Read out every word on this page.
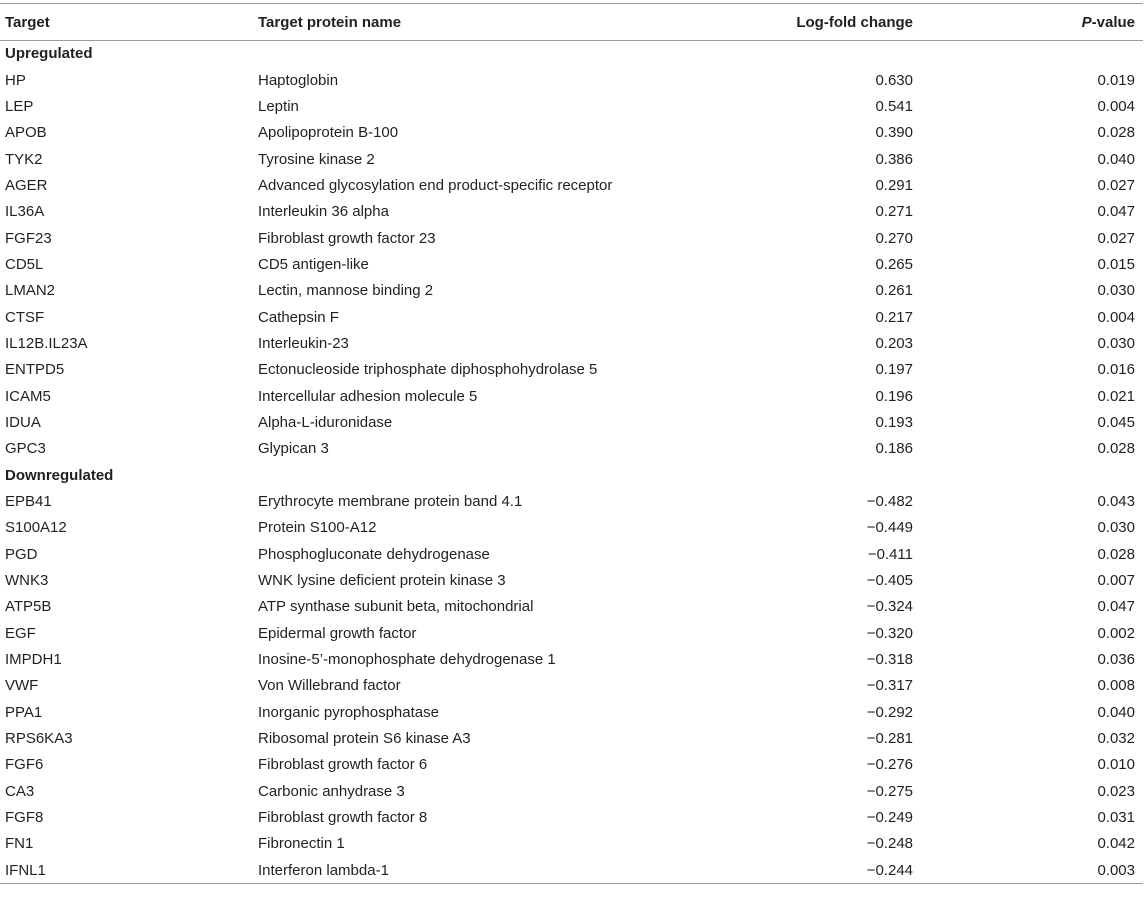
Target	Target protein name	Log-fold change	P-value
Upregulated			
HP	Haptoglobin	0.630	0.019
LEP	Leptin	0.541	0.004
APOB	Apolipoprotein B-100	0.390	0.028
TYK2	Tyrosine kinase 2	0.386	0.040
AGER	Advanced glycosylation end product-specific receptor	0.291	0.027
IL36A	Interleukin 36 alpha	0.271	0.047
FGF23	Fibroblast growth factor 23	0.270	0.027
CD5L	CD5 antigen-like	0.265	0.015
LMAN2	Lectin, mannose binding 2	0.261	0.030
CTSF	Cathepsin F	0.217	0.004
IL12B.IL23A	Interleukin-23	0.203	0.030
ENTPD5	Ectonucleoside triphosphate diphosphohydrolase 5	0.197	0.016
ICAM5	Intercellular adhesion molecule 5	0.196	0.021
IDUA	Alpha-L-iduronidase	0.193	0.045
GPC3	Glypican 3	0.186	0.028
Downregulated			
EPB41	Erythrocyte membrane protein band 4.1	−0.482	0.043
S100A12	Protein S100-A12	−0.449	0.030
PGD	Phosphogluconate dehydrogenase	−0.411	0.028
WNK3	WNK lysine deficient protein kinase 3	−0.405	0.007
ATP5B	ATP synthase subunit beta, mitochondrial	−0.324	0.047
EGF	Epidermal growth factor	−0.320	0.002
IMPDH1	Inosine-5’-monophosphate dehydrogenase 1	−0.318	0.036
VWF	Von Willebrand factor	−0.317	0.008
PPA1	Inorganic pyrophosphatase	−0.292	0.040
RPS6KA3	Ribosomal protein S6 kinase A3	−0.281	0.032
FGF6	Fibroblast growth factor 6	−0.276	0.010
CA3	Carbonic anhydrase 3	−0.275	0.023
FGF8	Fibroblast growth factor 8	−0.249	0.031
FN1	Fibronectin 1	−0.248	0.042
IFNL1	Interferon lambda-1	−0.244	0.003
